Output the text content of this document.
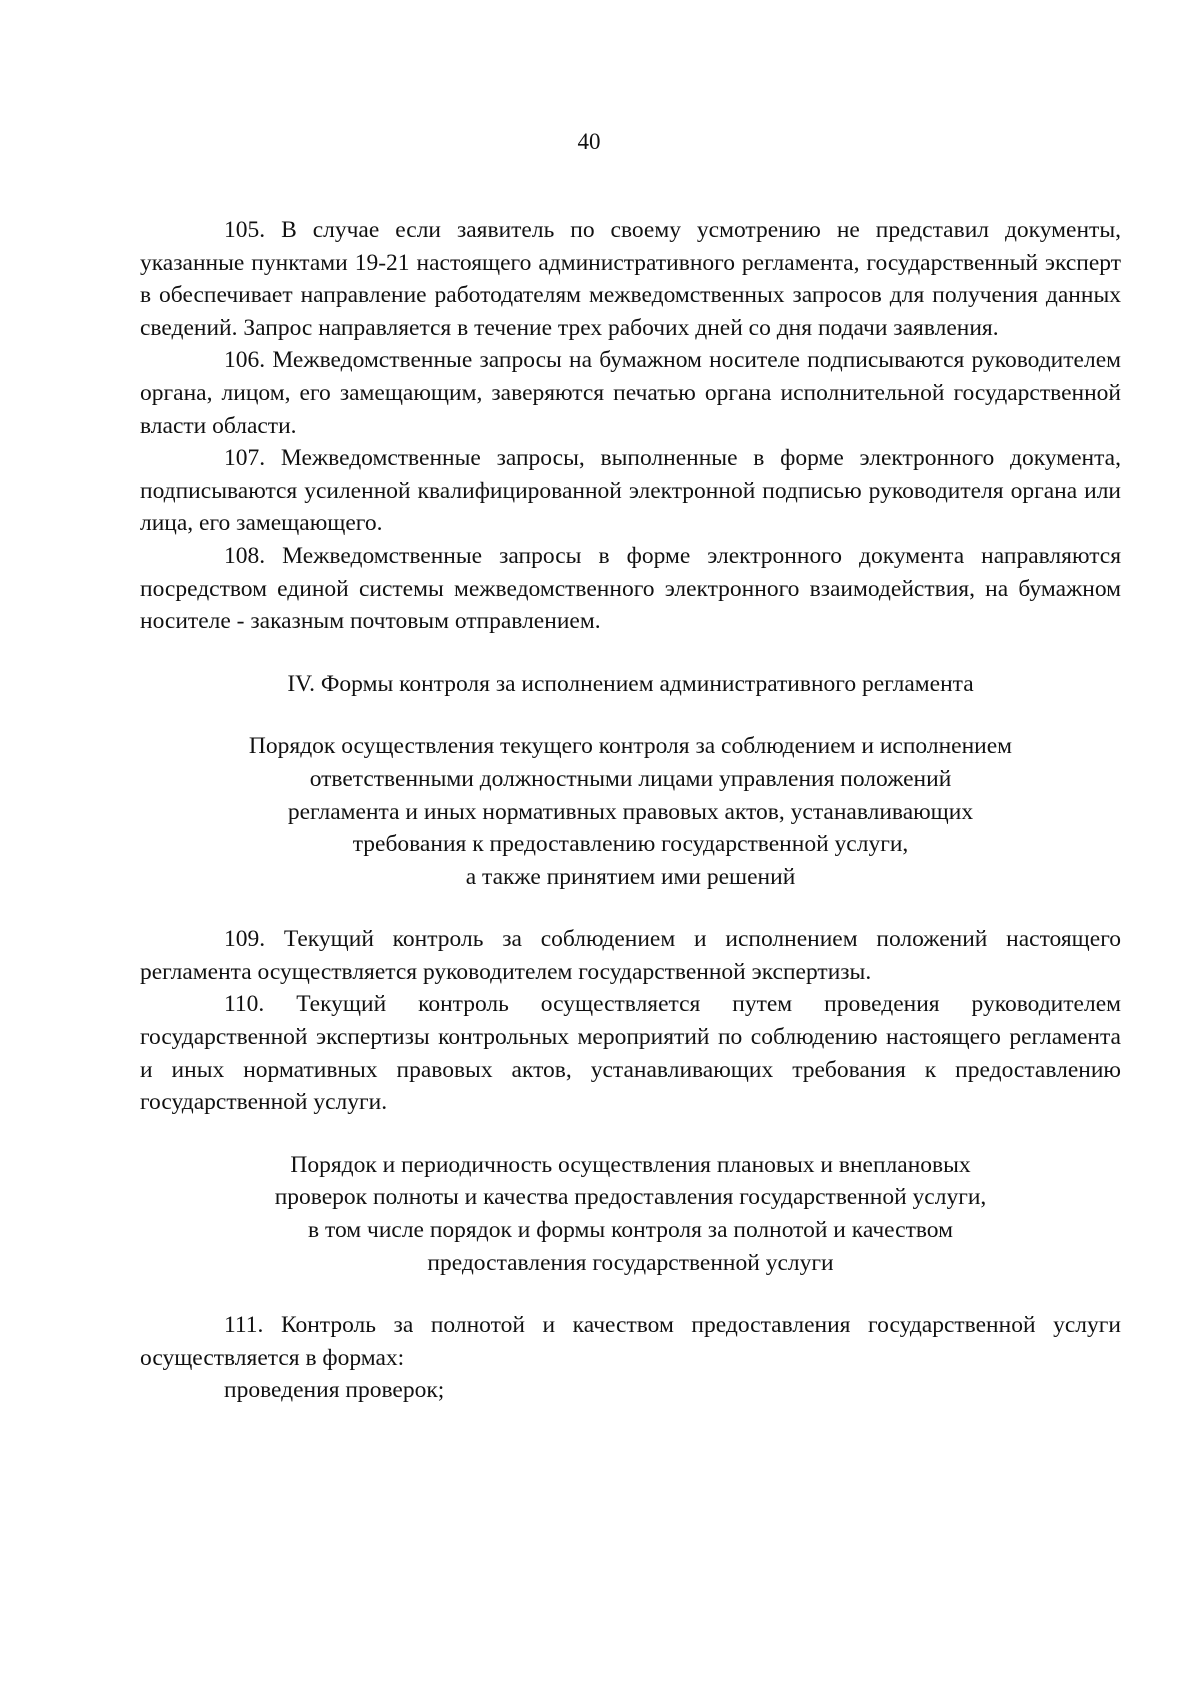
40

105. В случае если заявитель по своему усмотрению не представил документы, указанные пунктами 19-21 настоящего административного регламента, государственный эксперт в обеспечивает направление работодателям межведомственных запросов для получения данных сведений. Запрос направляется в течение трех рабочих дней со дня подачи заявления.

106. Межведомственные запросы на бумажном носителе подписываются руководителем органа, лицом, его замещающим, заверяются печатью органа исполнительной государственной власти области.

107. Межведомственные запросы, выполненные в форме электронного документа, подписываются усиленной квалифицированной электронной подписью руководителя органа или лица, его замещающего.

108. Межведомственные запросы в форме электронного документа направляются посредством единой системы межведомственного электронного взаимодействия, на бумажном носителе - заказным почтовым отправлением.

IV. Формы контроля за исполнением административного регламента

Порядок осуществления текущего контроля за соблюдением и исполнением
ответственными должностными лицами управления положений
регламента и иных нормативных правовых актов, устанавливающих
требования к предоставлению государственной услуги,
а также принятием ими решений

109. Текущий контроль за соблюдением и исполнением положений настоящего регламента осуществляется руководителем государственной экспертизы.

110. Текущий контроль осуществляется путем проведения руководителем государственной экспертизы контрольных мероприятий по соблюдению настоящего регламента и иных нормативных правовых актов, устанавливающих требования к предоставлению государственной услуги.

Порядок и периодичность осуществления плановых и внеплановых
проверок полноты и качества предоставления государственной услуги,
в том числе порядок и формы контроля за полнотой и качеством
предоставления государственной услуги

111. Контроль за полнотой и качеством предоставления государственной услуги осуществляется в формах:

проведения проверок;
